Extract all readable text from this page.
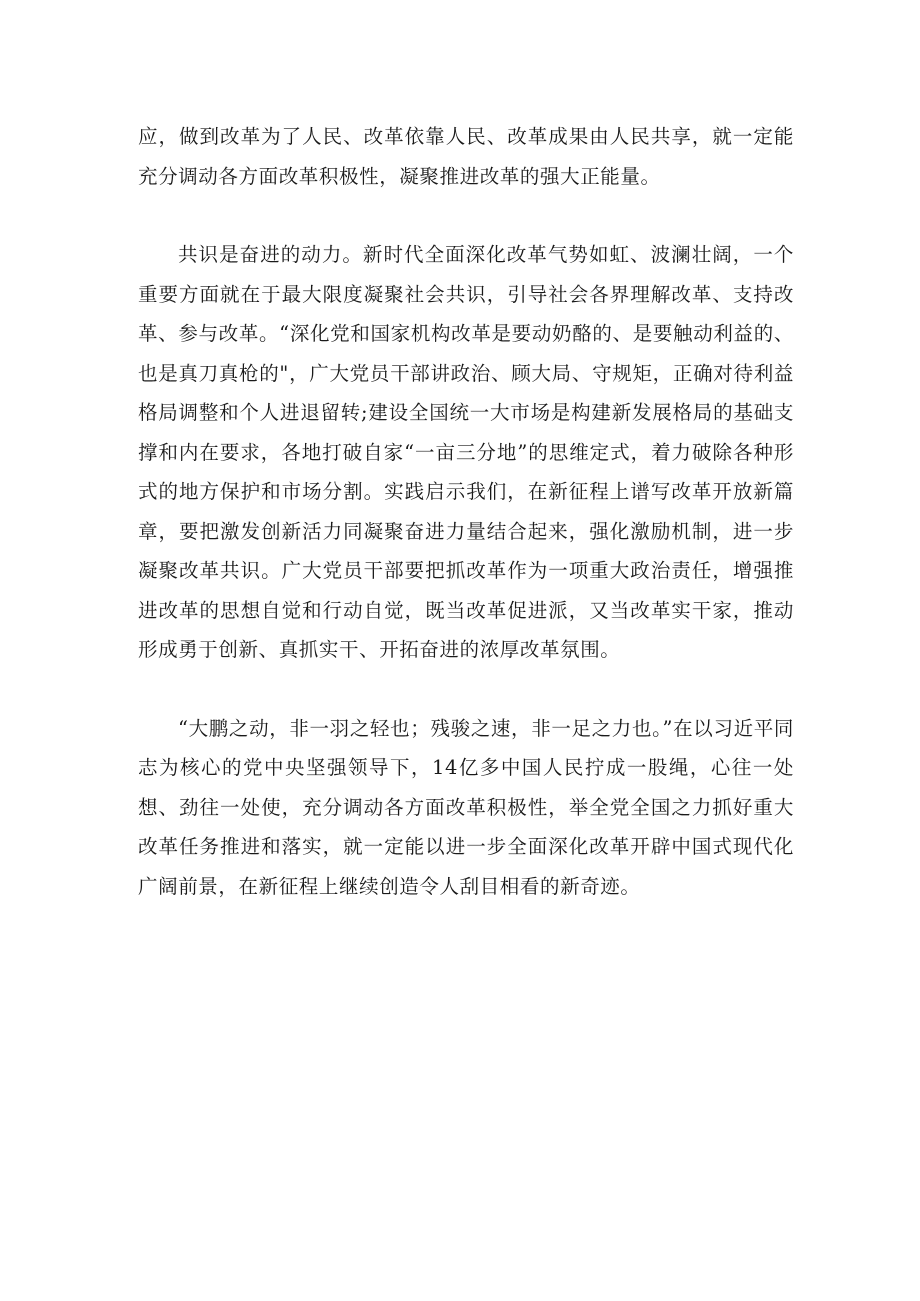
应，做到改革为了人民、改革依靠人民、改革成果由人民共享，就一定能充分调动各方面改革积极性，凝聚推进改革的强大正能量。

共识是奋进的动力。新时代全面深化改革气势如虹、波澜壮阔，一个重要方面就在于最大限度凝聚社会共识，引导社会各界理解改革、支持改革、参与改革。“深化党和国家机构改革是要动奶酪的、是要触动利益的、也是真刀真枪的"，广大党员干部讲政治、顾大局、守规矩，正确对待利益格局调整和个人进退留转;建设全国统一大市场是构建新发展格局的基础支撑和内在要求，各地打破自家“一亩三分地”的思维定式，着力破除各种形式的地方保护和市场分割。实践启示我们，在新征程上谱写改革开放新篇章，要把激发创新活力同凝聚奋进力量结合起来，强化激励机制，进一步凝聚改革共识。广大党员干部要把抓改革作为一项重大政治责任，增强推进改革的思想自觉和行动自觉，既当改革促进派，又当改革实干家，推动形成勇于创新、真抓实干、开拓奋进的浓厚改革氛围。

“大鹏之动，非一羽之轻也；残骏之速，非一足之力也。”在以习近平同志为核心的党中央坚强领导下，14亿多中国人民拧成一股绳，心往一处想、劲往一处使，充分调动各方面改革积极性，举全党全国之力抓好重大改革任务推进和落实，就一定能以进一步全面深化改革开辟中国式现代化广阔前景，在新征程上继续创造令人刮目相看的新奇迹。
